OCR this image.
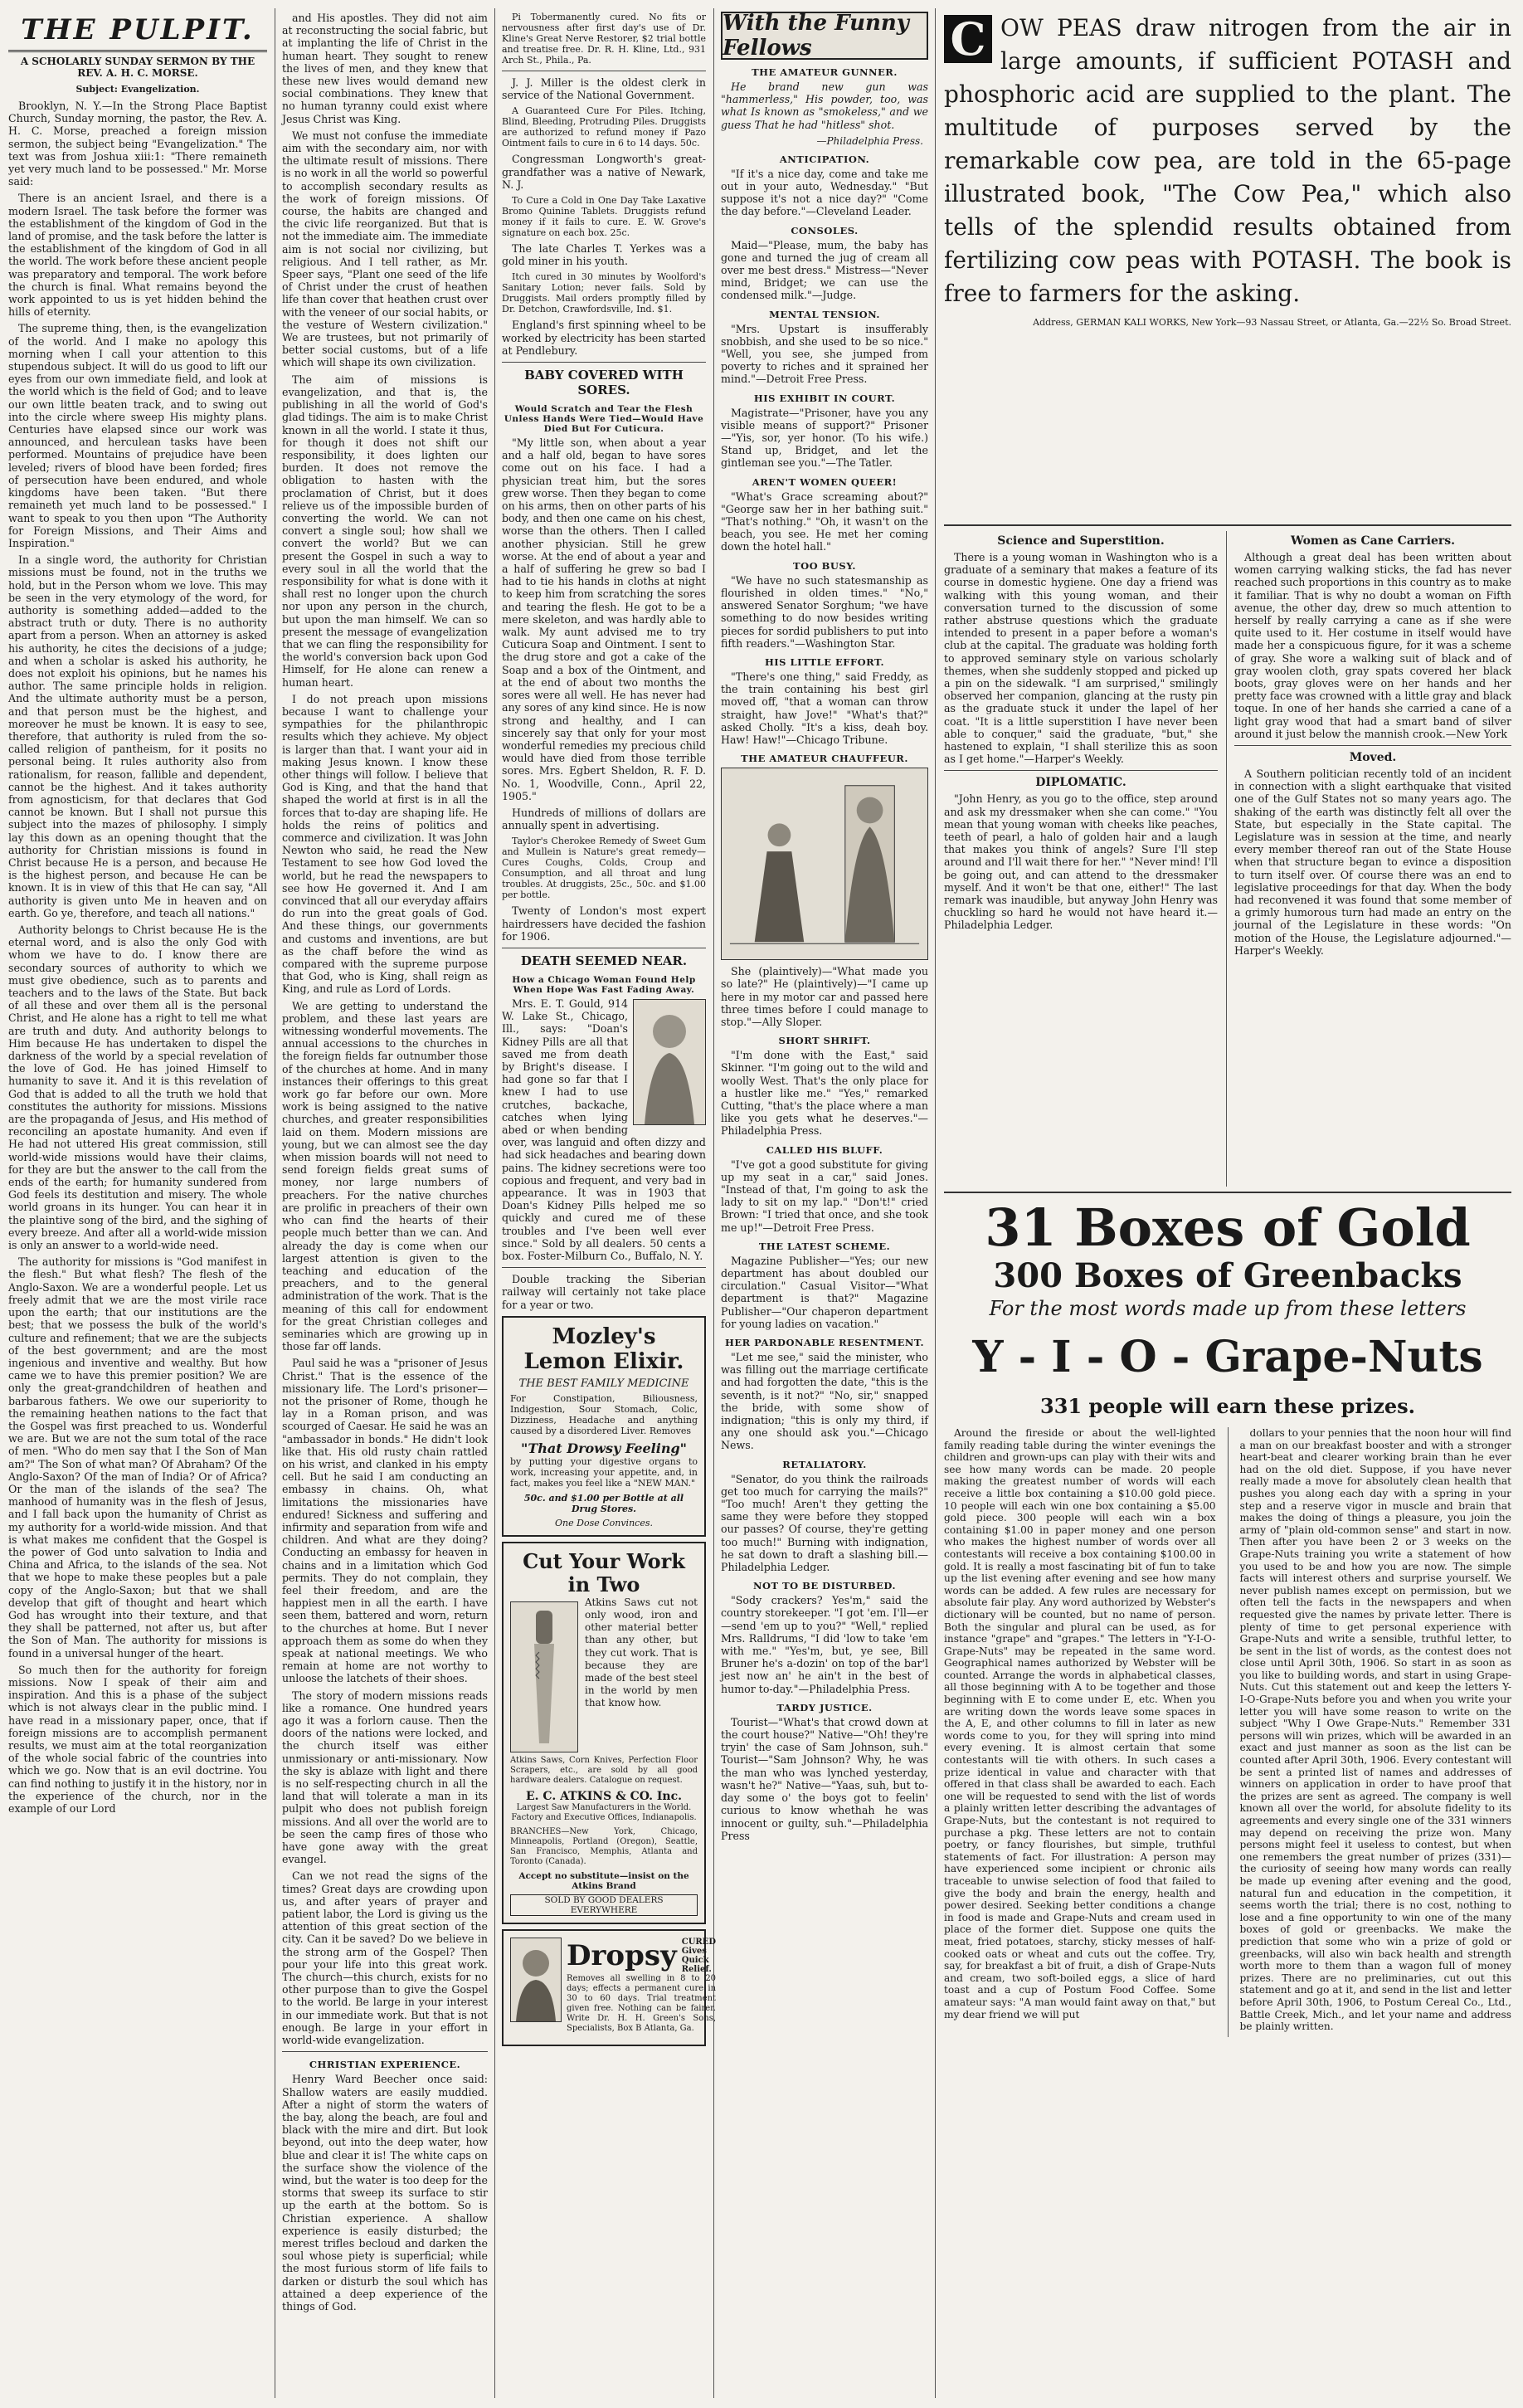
THE PULPIT.
A SCHOLARLY SUNDAY SERMON BY THE REV. A. H. C. MORSE.
Subject: Evangelization.

Brooklyn, N. Y.—In the Strong Place Baptist Church, Sunday morning, the pastor, the Rev. A. H. C. Morse, preached a foreign mission sermon, the subject being "Evangelization." The text was from Joshua xiii:1: "There remaineth yet very much land to be possessed." Mr. Morse said:

There is an ancient Israel, and there is a modern Israel. The task before the former was the establishment of the kingdom of God in the land of promise, and the task before the latter is the establishment of the kingdom of God in all the world. The work before these ancient people was preparatory and temporal. The work before the church is final. What remains beyond the work appointed to us is yet hidden behind the hills of eternity.

The supreme thing, then, is the evangelization of the world. And I make no apology this morning when I call your attention to this stupendous subject. It will do us good to lift our eyes from our own immediate field, and look at the world which is the field of God; and to leave our own little beaten track, and to swing out into the circle where sweep His mighty plans. Centuries have elapsed since our work was announced, and herculean tasks have been performed. Mountains of prejudice have been leveled; rivers of blood have been forded; fires of persecution have been endured, and whole kingdoms have been taken. "But there remaineth yet much land to be possessed." I want to speak to you then upon "The Authority for Foreign Missions, and Their Aims and Inspiration."

In a single word, the authority for Christian missions must be found, not in the truths we hold, but in the Person whom we love. This may be seen in the very etymology of the word, for authority is something added—added to the abstract truth or duty. There is no authority apart from a person. When an attorney is asked his authority, he cites the decisions of a judge; and when a scholar is asked his authority, he does not exploit his opinions, but he names his author. The same principle holds in religion. And the ultimate authority must be a person, and that person must be the highest, and moreover he must be known. It is easy to see, therefore, that authority is ruled from the so-called religion of pantheism, for it posits no personal being. It rules authority also from rationalism, for reason, fallible and dependent, cannot be the highest. And it takes authority from agnosticism, for that declares that God cannot be known. But I shall not pursue this subject into the mazes of philosophy. I simply lay this down as an opening thought that the authority for Christian missions is found in Christ because He is a person, and because He is the highest person, and because He can be known. It is in view of this that He can say, "All authority is given unto Me in heaven and on earth. Go ye, therefore, and teach all nations."

Authority belongs to Christ because He is the eternal word, and is also the only God with whom we have to do. I know there are secondary sources of authority to which we must give obedience, such as to parents and teachers and to the laws of the State. But back of all these and over them all is the personal Christ, and He alone has a right to tell me what are truth and duty. And authority belongs to Him because He has undertaken to dispel the darkness of the world by a special revelation of the love of God. He has joined Himself to humanity to save it. And it is this revelation of God that is added to all the truth we hold that constitutes the authority for missions. Missions are the propaganda of Jesus, and His method of reconciling an apostate humanity. And even if He had not uttered His great commission, still world-wide missions would have their claims, for they are but the answer to the call from the ends of the earth; for humanity sundered from God feels its destitution and misery. The whole world groans in its hunger. You can hear it in the plaintive song of the bird, and the sighing of every breeze. And after all a world-wide mission is only an answer to a world-wide need.

The authority for missions is "God manifest in the flesh." But what flesh? The flesh of the Anglo-Saxon. We are a wonderful people. Let us freely admit that we are the most virile race upon the earth; that our institutions are the best; that we possess the bulk of the world's culture and refinement; that we are the subjects of the best government; and are the most ingenious and inventive and wealthy. But how came we to have this premier position? We are only the great-grandchildren of heathen and barbarous fathers. We owe our superiority to the remaining heathen nations to the fact that the Gospel was first preached to us. Wonderful we are. But we are not the sum total of the race of men. "Who do men say that I the Son of Man am?" The Son of what man? Of Abraham? Of the Anglo-Saxon? Of the man of India? Or of Africa? Or the man of the islands of the sea? The manhood of humanity was in the flesh of Jesus, and I fall back upon the humanity of Christ as my authority for a world-wide mission. And that is what makes me confident that the Gospel is the power of God unto salvation to India and China and Africa, to the islands of the sea. Not that we hope to make these peoples but a pale copy of the Anglo-Saxon; but that we shall develop that gift of thought and heart which God has wrought into their texture, and that they shall be patterned, not after us, but after the Son of Man. The authority for missions is found in a universal hunger of the heart.

So much then for the authority for foreign missions. Now I speak of their aim and inspiration. And this is a phase of the subject which is not always clear in the public mind. I have read in a missionary paper, once, that if foreign missions are to accomplish permanent results, we must aim at the total reorganization of the whole social fabric of the countries into which we go. Now that is an evil doctrine. You can find nothing to justify it in the history, nor in the experience of the church, nor in the example of our Lord

and His apostles. They did not aim at reconstructing the social fabric, but at implanting the life of Christ in the human heart. They sought to renew the lives of men, and they knew that these new lives would demand new social combinations. They knew that no human tyranny could exist where Jesus Christ was King.

We must not confuse the immediate aim with the secondary aim, nor with the ultimate result of missions. There is no work in all the world so powerful to accomplish secondary results as the work of foreign missions. Of course, the habits are changed and the civic life reorganized. But that is not the immediate aim. The immediate aim is not social nor civilizing, but religious. And I tell rather, as Mr. Speer says, "Plant one seed of the life of Christ under the crust of heathen life than cover that heathen crust over with the veneer of our social habits, or the vesture of Western civilization." We are trustees, but not primarily of better social customs, but of a life which will shape its own civilization.

The aim of missions is evangelization, and that is, the publishing in all the world of God's glad tidings. The aim is to make Christ known in all the world. I state it thus, for though it does not shift our responsibility, it does lighten our burden. It does not remove the obligation to hasten with the proclamation of Christ, but it does relieve us of the impossible burden of converting the world. We can not convert a single soul; how shall we convert the world? But we can present the Gospel in such a way to every soul in all the world that the responsibility for what is done with it shall rest no longer upon the church nor upon any person in the church, but upon the man himself. We can so present the message of evangelization that we can fling the responsibility for the world's conversion back upon God Himself, for He alone can renew a human heart.

I do not preach upon missions because I want to challenge your sympathies for the philanthropic results which they achieve. My object is larger than that. I want your aid in making Jesus known. I know these other things will follow. I believe that God is King, and that the hand that shaped the world at first is in all the forces that to-day are shaping life. He holds the reins of politics and commerce and civilization. It was John Newton who said, he read the New Testament to see how God loved the world, but he read the newspapers to see how He governed it. And I am convinced that all our everyday affairs do run into the great goals of God. And these things, our governments and customs and inventions, are but as the chaff before the wind as compared with the supreme purpose that God, who is King, shall reign as King, and rule as Lord of Lords.

We are getting to understand the problem, and these last years are witnessing wonderful movements. The annual accessions to the churches in the foreign fields far outnumber those of the churches at home. And in many instances their offerings to this great work go far before our own. More work is being assigned to the native churches, and greater responsibilities laid on them. Modern missions are young, but we can almost see the day when mission boards will not need to send foreign fields great sums of money, nor large numbers of preachers. For the native churches are prolific in preachers of their own who can find the hearts of their people much better than we can. And already the day is come when our largest attention is given to the teaching and education of the preachers, and to the general administration of the work. That is the meaning of this call for endowment for the great Christian colleges and seminaries which are growing up in those far off lands.

Paul said he was a "prisoner of Jesus Christ." That is the essence of the missionary life. The Lord's prisoner—not the prisoner of Rome, though he lay in a Roman prison, and was scourged of Caesar. He said he was an "ambassador in bonds." He didn't look like that. His old rusty chain rattled on his wrist, and clanked in his empty cell. But he said I am conducting an embassy in chains. Oh, what limitations the missionaries have endured! Sickness and suffering and infirmity and separation from wife and children. And what are they doing? Conducting an embassy for heaven in chains and in a limitation which God permits. They do not complain, they feel their freedom, and are the happiest men in all the earth. I have seen them, battered and worn, return to the churches at home. But I never approach them as some do when they speak at national meetings. We who remain at home are not worthy to unloose the latchets of their shoes.

The story of modern missions reads like a romance. One hundred years ago it was a forlorn cause. Then the doors of the nations were locked, and the church itself was either unmissionary or anti-missionary. Now the sky is ablaze with light and there is no self-respecting church in all the land that will tolerate a man in its pulpit who does not publish foreign missions. And all over the world are to be seen the camp fires of those who have gone away with the great evangel.

Can we not read the signs of the times? Great days are crowding upon us, and after years of prayer and patient labor, the Lord is giving us the attention of this great section of the city. Can it be saved? Do we believe in the strong arm of the Gospel? Then pour your life into this great work. The church—this church, exists for no other purpose than to give the Gospel to the world. Be large in your interest in our immediate work. But that is not enough. Be large in your effort in world-wide evangelization.

CHRISTIAN EXPERIENCE.

Henry Ward Beecher once said: Shallow waters are easily muddied. After a night of storm the waters of the bay, along the beach, are foul and black with the mire and dirt. But look beyond, out into the deep water, how blue and clear it is! The white caps on the surface show the violence of the wind, but the water is too deep for the storms that sweep its surface to stir up the earth at the bottom. So is Christian experience. A shallow experience is easily disturbed; the merest trifles becloud and darken the soul whose piety is superficial; while the most furious storm of life fails to darken or disturb the soul which has attained a deep experience of the things of God.

Pi Tobermanently cured. No fits or nervousness after first day's use of Dr. Kline's Great Nerve Restorer, $2 trial bottle and treatise free. Dr. R. H. Kline, Ltd., 931 Arch St., Phila., Pa.

J. J. Miller is the oldest clerk in service of the National Government.

A Guaranteed Cure For Piles. Itching, Blind, Bleeding, Protruding Piles. Druggists are authorized to refund money if Pazo Ointment fails to cure in 6 to 14 days. 50c.

Congressman Longworth's great-grandfather was a native of Newark, N. J.

To Cure a Cold in One Day Take Laxative Bromo Quinine Tablets. Druggists refund money if it fails to cure. E. W. Grove's signature on each box. 25c.

The late Charles T. Yerkes was a gold miner in his youth.

Itch cured in 30 minutes by Woolford's Sanitary Lotion; never fails. Sold by Druggists. Mail orders promptly filled by Dr. Detchon, Crawfordsville, Ind. $1.

England's first spinning wheel to be worked by electricity has been started at Pendlebury.

BABY COVERED WITH SORES.
Would Scratch and Tear the Flesh Unless Hands Were Tied—Would Have Died But For Cuticura.

"My little son, when about a year and a half old, began to have sores come out on his face. I had a physician treat him, but the sores grew worse. Then they began to come on his arms, then on other parts of his body, and then one came on his chest, worse than the others. Then I called another physician. Still he grew worse. At the end of about a year and a half of suffering he grew so bad I had to tie his hands in cloths at night to keep him from scratching the sores and tearing the flesh. He got to be a mere skeleton, and was hardly able to walk. My aunt advised me to try Cuticura Soap and Ointment. I sent to the drug store and got a cake of the Soap and a box of the Ointment, and at the end of about two months the sores were all well. He has never had any sores of any kind since. He is now strong and healthy, and I can sincerely say that only for your most wonderful remedies my precious child would have died from those terrible sores. Mrs. Egbert Sheldon, R. F. D. No. 1, Woodville, Conn., April 22, 1905."

Hundreds of millions of dollars are annually spent in advertising.

Taylor's Cherokee Remedy of Sweet Gum and Mullein is Nature's great remedy—Cures Coughs, Colds, Croup and Consumption, and all throat and lung troubles. At druggists, 25c., 50c. and $1.00 per bottle.

Twenty of London's most expert hairdressers have decided the fashion for 1906.

DEATH SEEMED NEAR.
How a Chicago Woman Found Help When Hope Was Fast Fading Away.

Mrs. E. T. Gould, 914 W. Lake St., Chicago, Ill., says: "Doan's Kidney Pills are all that saved me from death by Bright's disease. I had gone so far that I knew I had to use crutches, backache, catches when lying abed or when bending over, was languid and often dizzy and had sick headaches and bearing down pains. The kidney secretions were too copious and frequent, and very bad in appearance. It was in 1903 that Doan's Kidney Pills helped me so quickly and cured me of these troubles and I've been well ever since." Sold by all dealers. 50 cents a box. Foster-Milburn Co., Buffalo, N. Y.

Double tracking the Siberian railway will certainly not take place for a year or two.

Mozley's Lemon Elixir.
THE BEST FAMILY MEDICINE

For Constipation, Biliousness, Indigestion, Sour Stomach, Colic, Dizziness, Headache and anything caused by a disordered Liver. Removes

"That Drowsy Feeling"

by putting your digestive organs to work, increasing your appetite, and, in fact, makes you feel like a "NEW MAN."

50c. and $1.00 per Bottle at all Drug Stores.
One Dose Convinces.
Cut Your Work in Two

Atkins Saws cut not only wood, iron and other material better than any other, but they cut work. That is because they are made of the best steel in the world by men that know how.

Atkins Saws, Corn Knives, Perfection Floor Scrapers, etc., are sold by all good hardware dealers. Catalogue on request.

E. C. ATKINS & CO. Inc.

Largest Saw Manufacturers in the World. Factory and Executive Offices, Indianapolis.

BRANCHES—New York, Chicago, Minneapolis, Portland (Oregon), Seattle, San Francisco, Memphis, Atlanta and Toronto (Canada).

Accept no substitute—insist on the Atkins Brand
SOLD BY GOOD DEALERS EVERYWHERE
Dropsy CURED Gives Quick Relief.

Removes all swelling in 8 to 20 days; effects a permanent cure in 30 to 60 days. Trial treatment given free. Nothing can be fairer. Write Dr. H. H. Green's Sons, Specialists, Box B Atlanta, Ga.

With the Funny Fellows
THE AMATEUR GUNNER.

He brand new gun was "hammerless," His powder, too, was what Is known as "smokeless," and we guess That he had "hitless" shot.

—Philadelphia Press.
ANTICIPATION.

"If it's a nice day, come and take me out in your auto, Wednesday." "But suppose it's not a nice day?" "Come the day before."—Cleveland Leader.

CONSOLES.

Maid—"Please, mum, the baby has gone and turned the jug of cream all over me best dress." Mistress—"Never mind, Bridget; we can use the condensed milk."—Judge.

MENTAL TENSION.

"Mrs. Upstart is insufferably snobbish, and she used to be so nice." "Well, you see, she jumped from poverty to riches and it sprained her mind."—Detroit Free Press.

HIS EXHIBIT IN COURT.

Magistrate—"Prisoner, have you any visible means of support?" Prisoner—"Yis, sor, yer honor. (To his wife.) Stand up, Bridget, and let the gintleman see you."—The Tatler.

AREN'T WOMEN QUEER!

"What's Grace screaming about?" "George saw her in her bathing suit." "That's nothing." "Oh, it wasn't on the beach, you see. He met her coming down the hotel hall."

TOO BUSY.

"We have no such statesmanship as flourished in olden times." "No," answered Senator Sorghum; "we have something to do now besides writing pieces for sordid publishers to put into fifth readers."—Washington Star.

HIS LITTLE EFFORT.

"There's one thing," said Freddy, as the train containing his best girl moved off, "that a woman can throw straight, haw Jove!" "What's that?" asked Cholly. "It's a kiss, deah boy. Haw! Haw!"—Chicago Tribune.

THE AMATEUR CHAUFFEUR.

She (plaintively)—"What made you so late?" He (plaintively)—"I came up here in my motor car and passed here three times before I could manage to stop."—Ally Sloper.

SHORT SHRIFT.

"I'm done with the East," said Skinner. "I'm going out to the wild and woolly West. That's the only place for a hustler like me." "Yes," remarked Cutting, "that's the place where a man like you gets what he deserves."—Philadelphia Press.

CALLED HIS BLUFF.

"I've got a good substitute for giving up my seat in a car," said Jones. "Instead of that, I'm going to ask the lady to sit on my lap." "Don't!" cried Brown: "I tried that once, and she took me up!"—Detroit Free Press.

THE LATEST SCHEME.

Magazine Publisher—"Yes; our new department has about doubled our circulation." Casual Visitor—"What department is that?" Magazine Publisher—"Our chaperon department for young ladies on vacation."

HER PARDONABLE RESENTMENT.

"Let me see," said the minister, who was filling out the marriage certificate and had forgotten the date, "this is the seventh, is it not?" "No, sir," snapped the bride, with some show of indignation; "this is only my third, if any one should ask you."—Chicago News.

RETALIATORY.

"Senator, do you think the railroads get too much for carrying the mails?" "Too much! Aren't they getting the same they were before they stopped our passes? Of course, they're getting too much!" Burning with indignation, he sat down to draft a slashing bill.—Philadelphia Ledger.

NOT TO BE DISTURBED.

"Sody crackers? Yes'm," said the country storekeeper. "I got 'em. I'll—er—send 'em up to you?" "Well," replied Mrs. Ralldrums, "I did 'low to take 'em with me." "Yes'm, but, ye see, Bill Bruner he's a-dozin' on top of the bar'l jest now an' he ain't in the best of humor to-day."—Philadelphia Press.

TARDY JUSTICE.

Tourist—"What's that crowd down at the court house?" Native—"Oh! they're tryin' the case of Sam Johnson, suh." Tourist—"Sam Johnson? Why, he was the man who was lynched yesterday, wasn't he?" Native—"Yaas, suh, but to-day some o' the boys got to feelin' curious to know whethah he was innocent or guilty, suh."—Philadelphia Press

C OW PEAS draw nitrogen from the air in large amounts, if sufficient POTASH and phosphoric acid are supplied to the plant. The multitude of purposes served by the remarkable cow pea, are told in the 65-page illustrated book, "The Cow Pea," which also tells of the splendid results obtained from fertilizing cow peas with POTASH. The book is free to farmers for the asking.
Address, GERMAN KALI WORKS, New York—93 Nassau Street, or Atlanta, Ga.—22½ So. Broad Street.
Science and Superstition.

There is a young woman in Washington who is a graduate of a seminary that makes a feature of its course in domestic hygiene. One day a friend was walking with this young woman, and their conversation turned to the discussion of some rather abstruse questions which the graduate intended to present in a paper before a woman's club at the capital. The graduate was holding forth to approved seminary style on various scholarly themes, when she suddenly stopped and picked up a pin on the sidewalk. "I am surprised," smilingly observed her companion, glancing at the rusty pin as the graduate stuck it under the lapel of her coat. "It is a little superstition I have never been able to conquer," said the graduate, "but," she hastened to explain, "I shall sterilize this as soon as I get home."—Harper's Weekly.

DIPLOMATIC.

"John Henry, as you go to the office, step around and ask my dressmaker when she can come." "You mean that young woman with cheeks like peaches, teeth of pearl, a halo of golden hair and a laugh that makes you think of angels? Sure I'll step around and I'll wait there for her." "Never mind! I'll be going out, and can attend to the dressmaker myself. And it won't be that one, either!" The last remark was inaudible, but anyway John Henry was chuckling so hard he would not have heard it.—Philadelphia Ledger.

Women as Cane Carriers.

Although a great deal has been written about women carrying walking sticks, the fad has never reached such proportions in this country as to make it familiar. That is why no doubt a woman on Fifth avenue, the other day, drew so much attention to herself by really carrying a cane as if she were quite used to it. Her costume in itself would have made her a conspicuous figure, for it was a scheme of gray. She wore a walking suit of black and of gray woolen cloth, gray spats covered her black boots, gray gloves were on her hands and her pretty face was crowned with a little gray and black toque. In one of her hands she carried a cane of a light gray wood that had a smart band of silver around it just below the mannish crook.—New York

Moved.

A Southern politician recently told of an incident in connection with a slight earthquake that visited one of the Gulf States not so many years ago. The shaking of the earth was distinctly felt all over the State, but especially in the State capital. The Legislature was in session at the time, and nearly every member thereof ran out of the State House when that structure began to evince a disposition to turn itself over. Of course there was an end to legislative proceedings for that day. When the body had reconvened it was found that some member of a grimly humorous turn had made an entry on the journal of the Legislature in these words: "On motion of the House, the Legislature adjourned."—Harper's Weekly.

31 Boxes of Gold
300 Boxes of Greenbacks
For the most words made up from these letters
Y - I - O - Grape-Nuts
331 people will earn these prizes.

Around the fireside or about the well-lighted family reading table during the winter evenings the children and grown-ups can play with their wits and see how many words can be made. 20 people making the greatest number of words will each receive a little box containing a $10.00 gold piece. 10 people will each win one box containing a $5.00 gold piece. 300 people will each win a box containing $1.00 in paper money and one person who makes the highest number of words over all contestants will receive a box containing $100.00 in gold. It is really a most fascinating bit of fun to take up the list evening after evening and see how many words can be added. A few rules are necessary for absolute fair play. Any word authorized by Webster's dictionary will be counted, but no name of person. Both the singular and plural can be used, as for instance "grape" and "grapes." The letters in "Y-I-O-Grape-Nuts" may be repeated in the same word. Geographical names authorized by Webster will be counted. Arrange the words in alphabetical classes, all those beginning with A to be together and those beginning with E to come under E, etc. When you are writing down the words leave some spaces in the A, E, and other columns to fill in later as new words come to you, for they will spring into mind every evening. It is almost certain that some contestants will tie with others. In such cases a prize identical in value and character with that offered in that class shall be awarded to each. Each one will be requested to send with the list of words a plainly written letter describing the advantages of Grape-Nuts, but the contestant is not required to purchase a pkg. These letters are not to contain poetry, or fancy flourishes, but simple, truthful statements of fact. For illustration: A person may have experienced some incipient or chronic ails traceable to unwise selection of food that failed to give the body and brain the energy, health and power desired. Seeking better conditions a change in food is made and Grape-Nuts and cream used in place of the former diet. Suppose one quits the meat, fried potatoes, starchy, sticky messes of half-cooked oats or wheat and cuts out the coffee. Try, say, for breakfast a bit of fruit, a dish of Grape-Nuts and cream, two soft-boiled eggs, a slice of hard toast and a cup of Postum Food Coffee. Some amateur says: "A man would faint away on that," but my dear friend we will put

dollars to your pennies that the noon hour will find a man on our breakfast booster and with a stronger heart-beat and clearer working brain than he ever had on the old diet. Suppose, if you have never really made a move for absolutely clean health that pushes you along each day with a spring in your step and a reserve vigor in muscle and brain that makes the doing of things a pleasure, you join the army of "plain old-common sense" and start in now. Then after you have been 2 or 3 weeks on the Grape-Nuts training you write a statement of how you used to be and how you are now. The simple facts will interest others and surprise yourself. We never publish names except on permission, but we often tell the facts in the newspapers and when requested give the names by private letter. There is plenty of time to get personal experience with Grape-Nuts and write a sensible, truthful letter, to be sent in the list of words, as the contest does not close until April 30th, 1906. So start in as soon as you like to building words, and start in using Grape-Nuts. Cut this statement out and keep the letters Y-I-O-Grape-Nuts before you and when you write your letter you will have some reason to write on the subject "Why I Owe Grape-Nuts." Remember 331 persons will win prizes, which will be awarded in an exact and just manner as soon as the list can be counted after April 30th, 1906. Every contestant will be sent a printed list of names and addresses of winners on application in order to have proof that the prizes are sent as agreed. The company is well known all over the world, for absolute fidelity to its agreements and every single one of the 331 winners may depend on receiving the prize won. Many persons might feel it useless to contest, but when one remembers the great number of prizes (331)—the curiosity of seeing how many words can really be made up evening after evening and the good, natural fun and education in the competition, it seems worth the trial; there is no cost, nothing to lose and a fine opportunity to win one of the many boxes of gold or greenbacks. We make the prediction that some who win a prize of gold or greenbacks, will also win back health and strength worth more to them than a wagon full of money prizes. There are no preliminaries, cut out this statement and go at it, and send in the list and letter before April 30th, 1906, to Postum Cereal Co., Ltd., Battle Creek, Mich., and let your name and address be plainly written.
